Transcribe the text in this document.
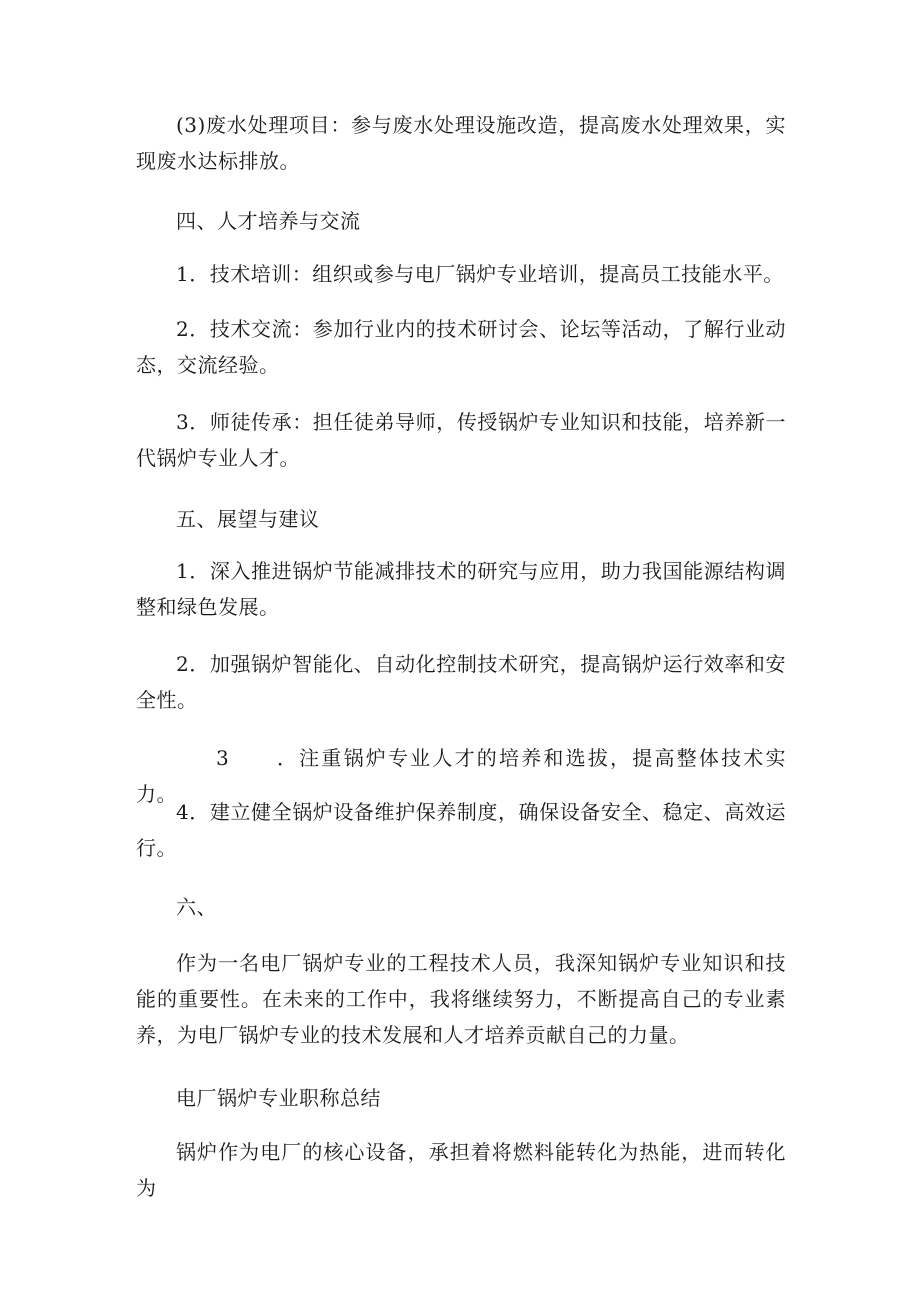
(3)废水处理项目：参与废水处理设施改造，提高废水处理效果，实现废水达标排放。

四、人才培养与交流

1．技术培训：组织或参与电厂锅炉专业培训，提高员工技能水平。

2．技术交流：参加行业内的技术研讨会、论坛等活动，了解行业动态，交流经验。

3．师徒传承：担任徒弟导师，传授锅炉专业知识和技能，培养新一代锅炉专业人才。

五、展望与建议

1．深入推进锅炉节能减排技术的研究与应用，助力我国能源结构调整和绿色发展。

2．加强锅炉智能化、自动化控制技术研究，提高锅炉运行效率和安全性。

3 ．注重锅炉专业人才的培养和选拔，提高整体技术实力。

4．建立健全锅炉设备维护保养制度，确保设备安全、稳定、高效运行。

六、

作为一名电厂锅炉专业的工程技术人员，我深知锅炉专业知识和技能的重要性。在未来的工作中，我将继续努力，不断提高自己的专业素养，为电厂锅炉专业的技术发展和人才培养贡献自己的力量。

电厂锅炉专业职称总结

锅炉作为电厂的核心设备，承担着将燃料能转化为热能，进而转化为
